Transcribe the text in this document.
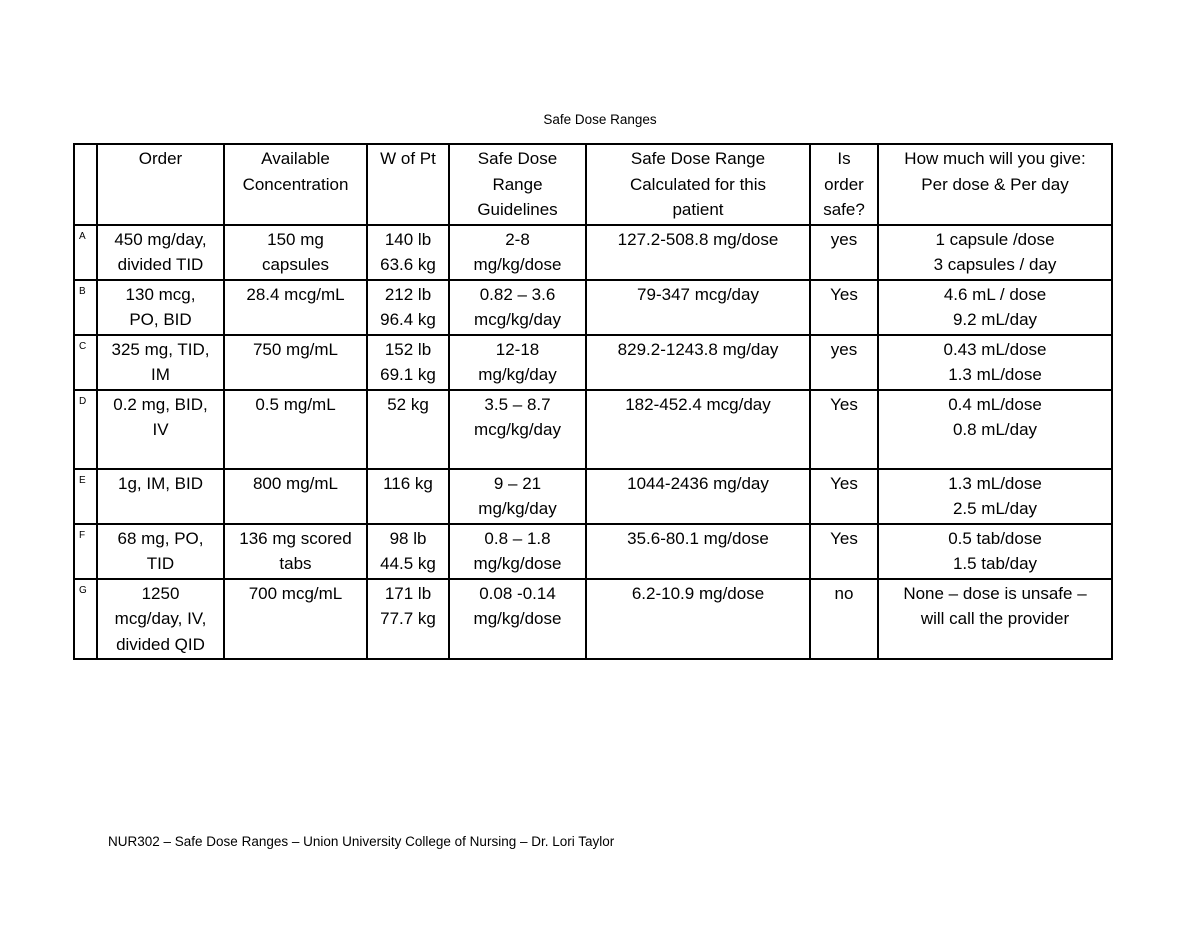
Safe Dose Ranges

	Order	Available
Concentration	W of Pt	Safe Dose
Range
Guidelines	Safe Dose Range
Calculated for this
patient	Is
order
safe?	How much will you give:
Per dose & Per day

A	450 mg/day,
divided TID	150 mg
capsules	140 lb
63.6 kg	2-8
mg/kg/dose	127.2-508.8 mg/dose	yes	1 capsule /dose
3 capsules / day

B	130 mcg,
PO, BID	28.4 mcg/mL	212 lb
96.4 kg	0.82 – 3.6
mcg/kg/day	79-347 mcg/day	Yes	4.6 mL / dose
9.2 mL/day

C	325 mg, TID,
IM	750 mg/mL	152 lb
69.1 kg	12-18
mg/kg/day	829.2-1243.8 mg/day	yes	0.43 mL/dose
1.3 mL/dose

D	0.2 mg, BID,
IV	0.5 mg/mL	52 kg	3.5 – 8.7
mcg/kg/day	182-452.4 mcg/day	Yes	0.4 mL/dose
0.8 mL/day

E	1g, IM, BID	800 mg/mL	116 kg	9 – 21
mg/kg/day	1044-2436 mg/day	Yes	1.3 mL/dose
2.5 mL/day

F	68 mg, PO,
TID	136 mg scored
tabs	98 lb
44.5 kg	0.8 – 1.8
mg/kg/dose	35.6-80.1 mg/dose	Yes	0.5 tab/dose
1.5 tab/day

G	1250
mcg/day, IV,
divided QID	700 mcg/mL	171 lb
77.7 kg	0.08 -0.14
mg/kg/dose	6.2-10.9 mg/dose	no	None – dose is unsafe –
will call the provider
NUR302 – Safe Dose Ranges – Union University College of Nursing – Dr. Lori Taylor
